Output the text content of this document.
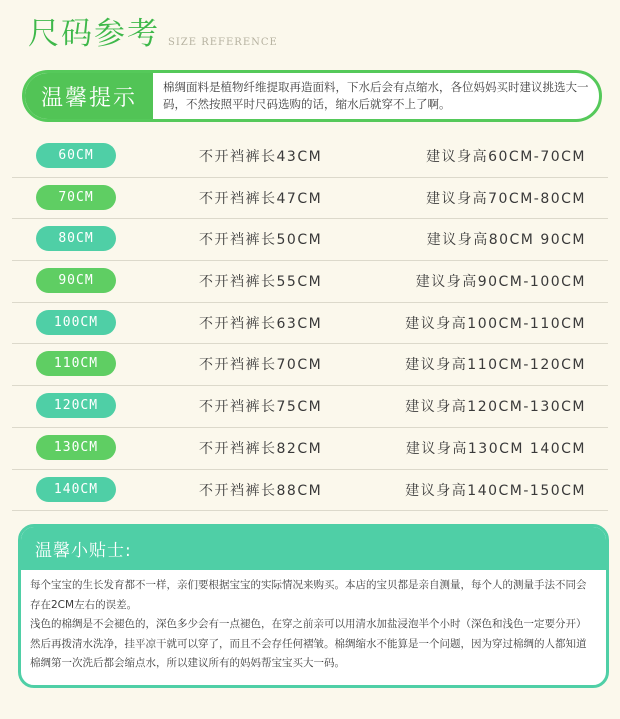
尺码参考 SIZE REFERENCE
温馨提示	棉绸面料是植物纤维提取再造面料，下水后会有点缩水，各位妈妈买时建议挑选大一码，不然按照平时尺码选购的话，缩水后就穿不上了啊。
60CM	不开裆裤长43CM	建议身高60CM-70CM
70CM	不开裆裤长47CM	建议身高70CM-80CM
80CM	不开裆裤长50CM	建议身高80CM 90CM
90CM	不开裆裤长55CM	建议身高90CM-100CM
100CM	不开裆裤长63CM	建议身高100CM-110CM
110CM	不开裆裤长70CM	建议身高110CM-120CM
120CM	不开裆裤长75CM	建议身高120CM-130CM
130CM	不开裆裤长82CM	建议身高130CM 140CM
140CM	不开裆裤长88CM	建议身高140CM-150CM
温馨小贴士:

每个宝宝的生长发育都不一样，亲们要根据宝宝的实际情况来购买。本店的宝贝都是亲自测量，每个人的测量手法不同会存在2CM左右的误差。

浅色的棉绸是不会褪色的，深色多少会有一点褪色，在穿之前亲可以用清水加盐浸泡半个小时（深色和浅色一定要分开）然后再拨清水洗净，挂平凉干就可以穿了，而且不会存任何褶皱。棉绸缩水不能算是一个问题，因为穿过棉绸的人都知道棉绸第一次洗后都会缩点水，所以建议所有的妈妈帮宝宝买大一码。
